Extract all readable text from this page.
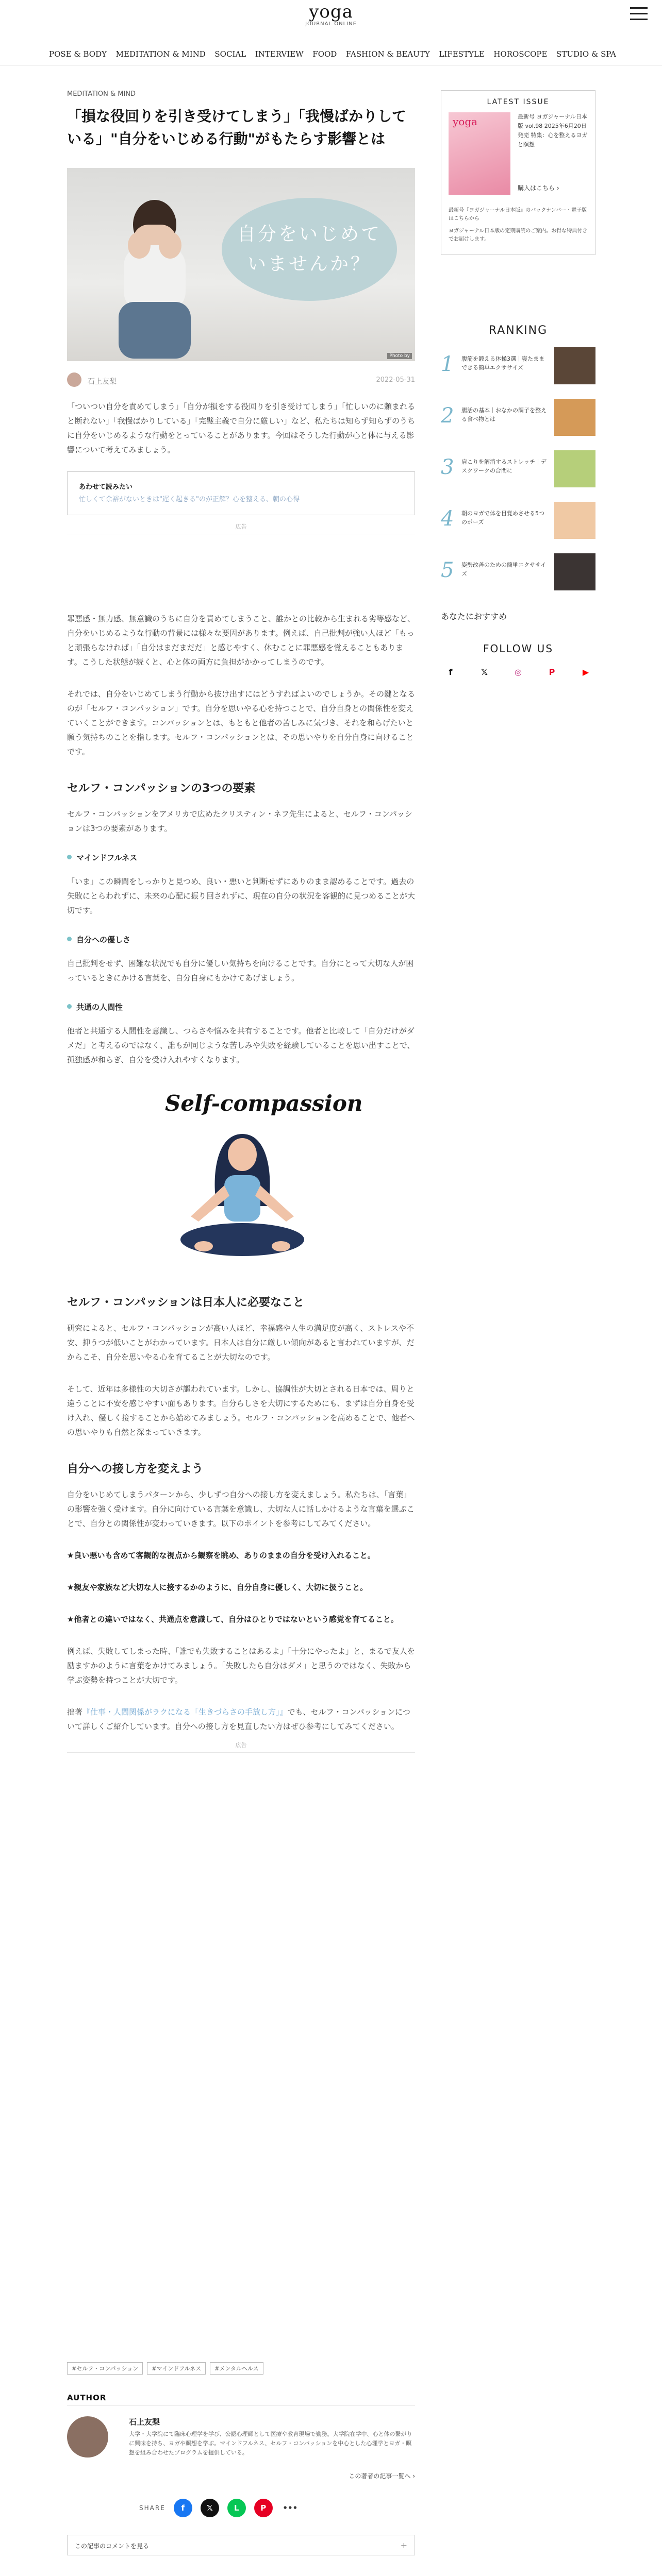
yoga
JOURNAL ONLINE
POSE & BODY MEDITATION & MIND SOCIAL INTERVIEW FOOD FASHION & BEAUTY LIFESTYLE HOROSCOPE STUDIO & SPA
MEDITATION & MIND
「損な役回りを引き受けてしまう」「我慢ばかりしている」"自分をいじめる行動"がもたらす影響とは
自分をいじめて
いませんか？
Photo by
石上友梨	2022-05-31

「ついつい自分を責めてしまう」「自分が損をする役回りを引き受けてしまう」「忙しいのに頼まれると断れない」「我慢ばかりしている」「完璧主義で自分に厳しい」など、私たちは知らず知らずのうちに自分をいじめるような行動をとっていることがあります。今回はそうした行動が心と体に与える影響について考えてみましょう。

あわせて読みたい
忙しくて余裕がないときは"遅く起きる"のが正解？心を整える、朝の心得
広告

罪悪感・無力感、無意識のうちに自分を責めてしまうこと、誰かとの比較から生まれる劣等感など、自分をいじめるような行動の背景には様々な要因があります。例えば、自己批判が強い人ほど「もっと頑張らなければ」「自分はまだまだだ」と感じやすく、休むことに罪悪感を覚えることもあります。こうした状態が続くと、心と体の両方に負担がかかってしまうのです。

それでは、自分をいじめてしまう行動から抜け出すにはどうすればよいのでしょうか。その鍵となるのが「セルフ・コンパッション」です。自分を思いやる心を持つことで、自分自身との関係性を変えていくことができます。コンパッションとは、もともと他者の苦しみに気づき、それを和らげたいと願う気持ちのことを指します。セルフ・コンパッションとは、その思いやりを自分自身に向けることです。

セルフ・コンパッションの3つの要素

セルフ・コンパッションをアメリカで広めたクリスティン・ネフ先生によると、セルフ・コンパッションは3つの要素があります。

マインドフルネス

「いま」この瞬間をしっかりと見つめ、良い・悪いと判断せずにありのまま認めることです。過去の失敗にとらわれずに、未来の心配に振り回されずに、現在の自分の状況を客観的に見つめることが大切です。

自分への優しさ

自己批判をせず、困難な状況でも自分に優しい気持ちを向けることです。自分にとって大切な人が困っているときにかける言葉を、自分自身にもかけてあげましょう。

共通の人間性

他者と共通する人間性を意識し、つらさや悩みを共有することです。他者と比較して「自分だけがダメだ」と考えるのではなく、誰もが同じような苦しみや失敗を経験していることを思い出すことで、孤独感が和らぎ、自分を受け入れやすくなります。

Self-compassion
セルフ・コンパッションは日本人に必要なこと

研究によると、セルフ・コンパッションが高い人ほど、幸福感や人生の満足度が高く、ストレスや不安、抑うつが低いことがわかっています。日本人は自分に厳しい傾向があると言われていますが、だからこそ、自分を思いやる心を育てることが大切なのです。

そして、近年は多様性の大切さが謳われています。しかし、協調性が大切とされる日本では、周りと違うことに不安を感じやすい面もあります。自分らしさを大切にするためにも、まずは自分自身を受け入れ、優しく接することから始めてみましょう。セルフ・コンパッションを高めることで、他者への思いやりも自然と深まっていきます。

自分への接し方を変えよう

自分をいじめてしまうパターンから、少しずつ自分への接し方を変えましょう。私たちは、「言葉」の影響を強く受けます。自分に向けている言葉を意識し、大切な人に話しかけるような言葉を選ぶことで、自分との関係性が変わっていきます。以下のポイントを参考にしてみてください。

★良い悪いも含めて客観的な視点から観察を眺め、ありのままの自分を受け入れること。

★親友や家族など大切な人に接するかのように、自分自身に優しく、大切に扱うこと。

★他者との違いではなく、共通点を意識して、自分はひとりではないという感覚を育てること。

例えば、失敗してしまった時、「誰でも失敗することはあるよ」「十分にやったよ」と、まるで友人を励ますかのように言葉をかけてみましょう。「失敗したら自分はダメ」と思うのではなく、失敗から学ぶ姿勢を持つことが大切です。

拙著『仕事・人間関係がラクになる「生きづらさの手放し方」』でも、セルフ・コンパッションについて詳しくご紹介しています。自分への接し方を見直したい方はぜひ参考にしてみてください。

広告
#セルフ・コンパッション	#マインドフルネス	#メンタルヘルス
AUTHOR
石上友梨
大学・大学院にて臨床心理学を学び、公認心理師として医療や教育現場で勤務。大学院在学中、心と体の繋がりに興味を持ち、ヨガや瞑想を学ぶ。マインドフルネス、セルフ・コンパッションを中心とした心理学とヨガ・瞑想を組み合わせたプログラムを提供している。
この著者の記事一覧へ ›
SHARE	f	𝕏	L	P	•••
この記事のコメントを見る	+
LATEST ISSUE
yoga	最新号 ヨガジャーナル日本版 vol.98 2025年6月20日発売 特集：心を整えるヨガと瞑想
購入はこちら ›
最新号『ヨガジャーナル日本版』のバックナンバー・電子版はこちらから
ヨガジャーナル日本版の定期購読のご案内。お得な特典付きでお届けします。
RANKING
1 腹筋を鍛える体操3選｜寝たままできる簡単エクササイズ
2 腸活の基本｜おなかの調子を整える食べ物とは
3 肩こりを解消するストレッチ｜デスクワークの合間に
4 朝のヨガで体を目覚めさせる5つのポーズ
5 姿勢改善のための簡単エクササイズ
あなたにおすすめ
FOLLOW US
f	𝕏	◎	P	▶
